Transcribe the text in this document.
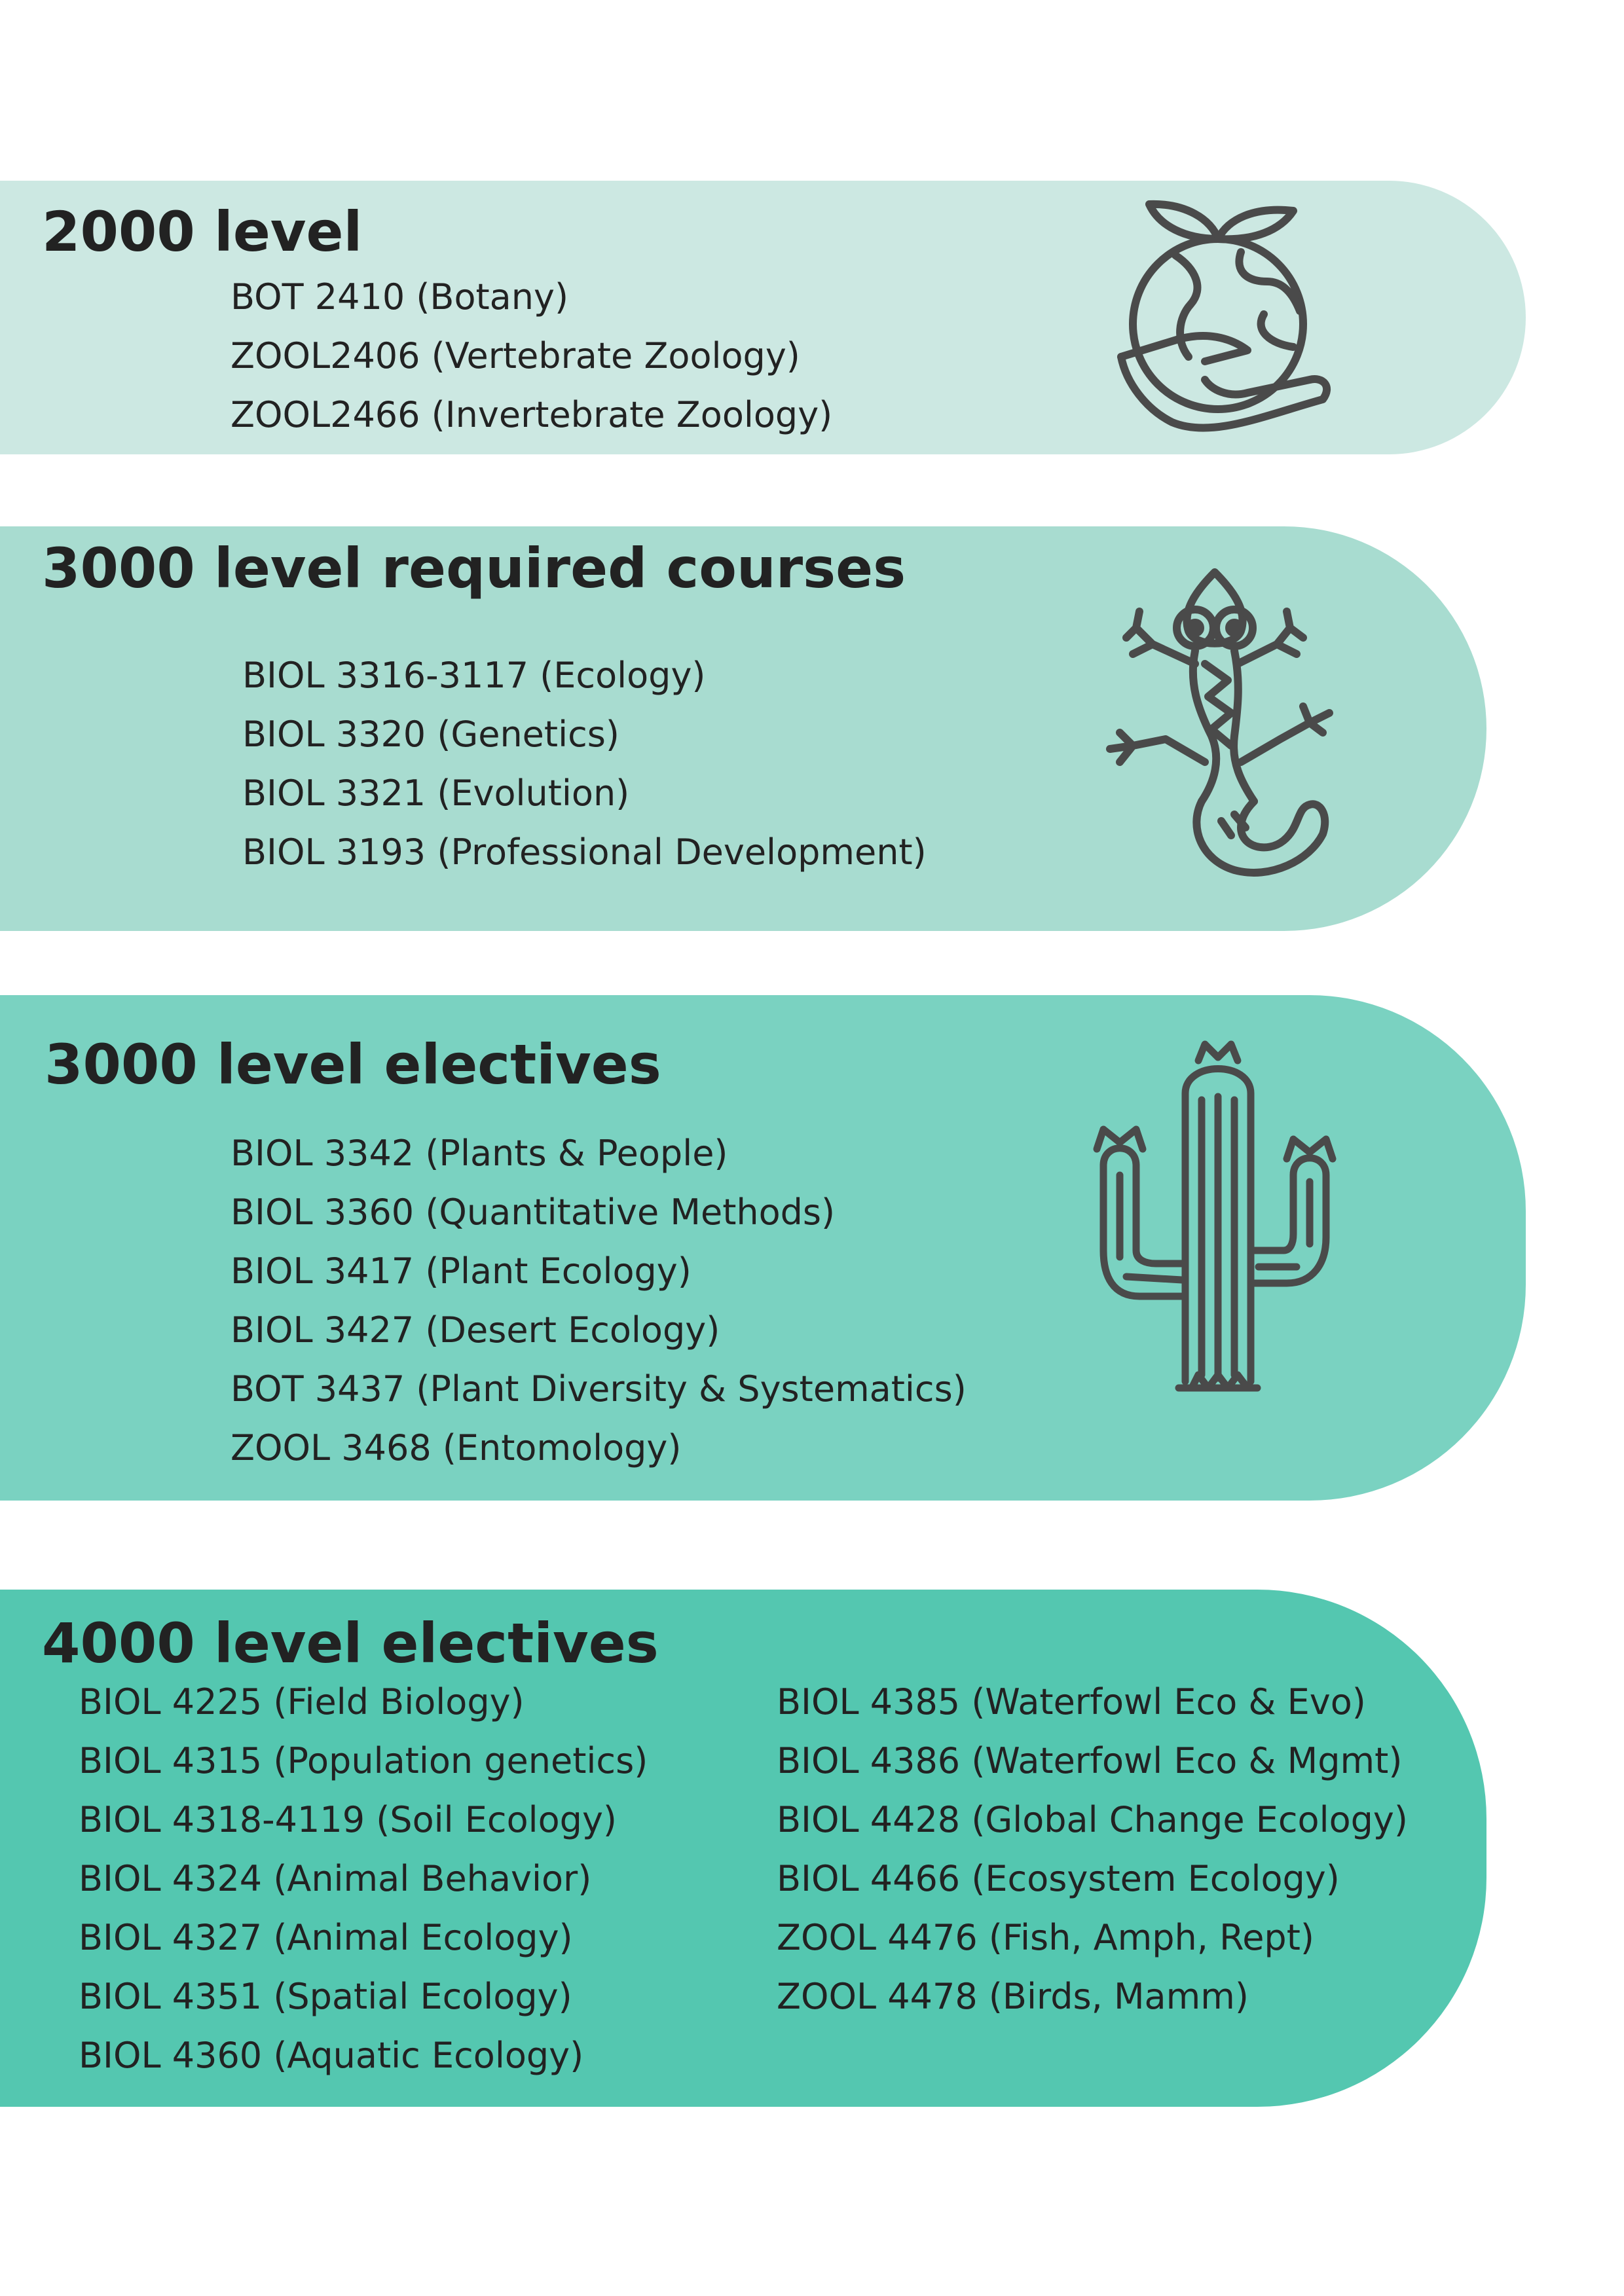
2000 level
BOT 2410 (Botany)
ZOOL2406 (Vertebrate Zoology)
ZOOL2466 (Invertebrate Zoology)
3000 level required courses
BIOL 3316-3117 (Ecology)
BIOL 3320 (Genetics)
BIOL 3321 (Evolution)
BIOL 3193 (Professional Development)
3000 level electives
BIOL 3342 (Plants & People)
BIOL 3360 (Quantitative Methods)
BIOL 3417 (Plant Ecology)
BIOL 3427 (Desert Ecology)
BOT 3437 (Plant Diversity & Systematics)
ZOOL 3468 (Entomology)
4000 level electives
BIOL 4225 (Field Biology)
BIOL 4315 (Population genetics)
BIOL 4318-4119 (Soil Ecology)
BIOL 4324 (Animal Behavior)
BIOL 4327 (Animal Ecology)
BIOL 4351 (Spatial Ecology)
BIOL 4360 (Aquatic Ecology)
BIOL 4385 (Waterfowl Eco & Evo)
BIOL 4386 (Waterfowl Eco & Mgmt)
BIOL 4428 (Global Change Ecology)
BIOL 4466 (Ecosystem Ecology)
ZOOL 4476 (Fish, Amph, Rept)
ZOOL 4478 (Birds, Mamm)
